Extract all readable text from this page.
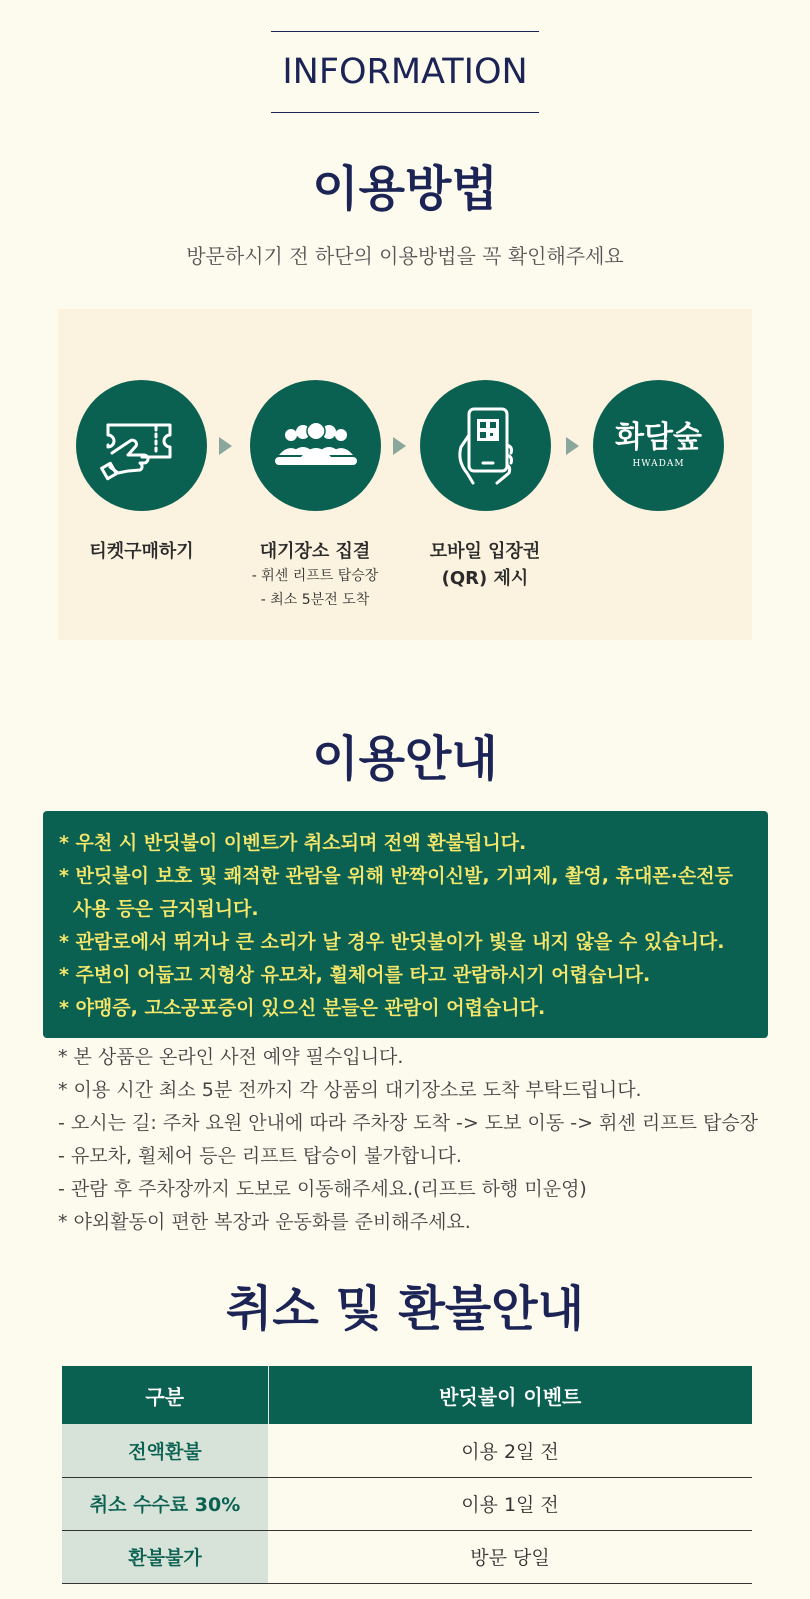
INFORMATION
이용방법
방문하시기 전 하단의 이용방법을 꼭 확인해주세요
화담숲
HWADAM
티켓구매하기	대기장소 집결
- 휘센 리프트 탑승장
- 최소 5분전 도착
모바일 입장권
(QR) 제시
이용안내
* 우천 시 반딧불이 이벤트가 취소되며 전액 환불됩니다.
* 반딧불이 보호 및 쾌적한 관람을 위해 반짝이신발, 기피제, 촬영, 휴대폰·손전등
사용 등은 금지됩니다.
* 관람로에서 뛰거나 큰 소리가 날 경우 반딧불이가 빛을 내지 않을 수 있습니다.
* 주변이 어둡고 지형상 유모차, 휠체어를 타고 관람하시기 어렵습니다.
* 야맹증, 고소공포증이 있으신 분들은 관람이 어렵습니다.
* 본 상품은 온라인 사전 예약 필수입니다.
* 이용 시간 최소 5분 전까지 각 상품의 대기장소로 도착 부탁드립니다.
- 오시는 길: 주차 요원 안내에 따라 주차장 도착 -> 도보 이동 -> 휘센 리프트 탑승장
- 유모차, 휠체어 등은 리프트 탑승이 불가합니다.
- 관람 후 주차장까지 도보로 이동해주세요.(리프트 하행 미운영)
* 야외활동이 편한 복장과 운동화를 준비해주세요.
취소 및 환불안내
구분	반딧불이 이벤트
전액환불	이용 2일 전
취소 수수료 30%	이용 1일 전
환불불가	방문 당일
